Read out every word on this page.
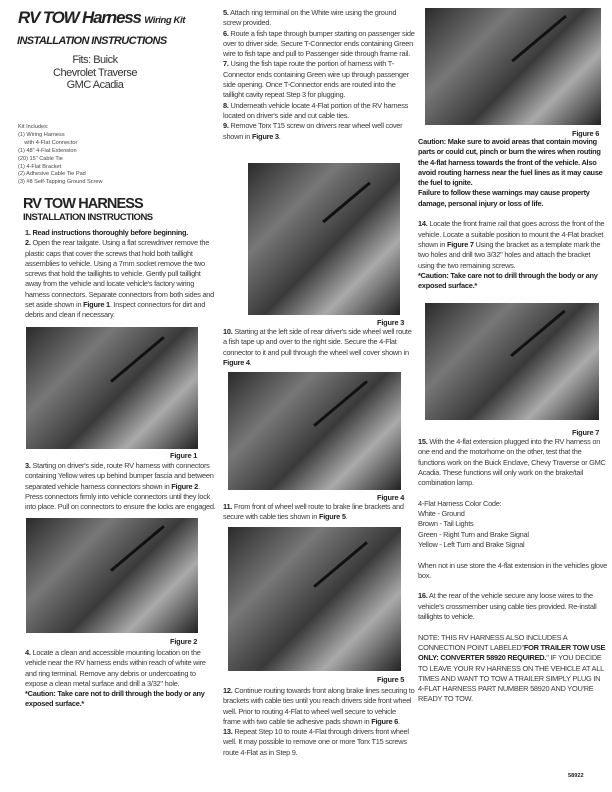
RV TOW Harness Wiring Kit
INSTALLATION INSTRUCTIONS
Fits: Buick
Chevrolet Traverse
GMC Acadia
Kit Includes:
(1) Wiring Harness
with 4-Flat Connector
(1) 48" 4-Flat Extension
(20) 15" Cable Tie
(1) 4-Flat Bracket
(2) Adhesive Cable Tie Pad
(3) #8 Self-Tapping Ground Screw
RV TOW HARNESS
INSTALLATION INSTRUCTIONS

1. Read instructions thoroughly before beginning.

2. Open the rear tailgate. Using a flat screwdriver remove the plastic caps that cover the screws that hold both taillight assemblies to vehicle. Using a 7mm socket remove the two screws that hold the taillights to vehicle. Gently pull taillight away from the vehicle and locate vehicle's factory wiring harness connectors. Separate connectors from both sides and set aside shown in Figure 1. Inspect connectors for dirt and debris and clean if necessary.

Figure 1

3. Starting on driver's side, route RV harness with connectors containing Yellow wires up behind bumper fascia and between separated vehicle harness connectors shown in Figure 2. Press connectors firmly into vehicle connectors until they lock into place. Pull on connectors to ensure the locks are engaged.

Figure 2

4. Locate a clean and accessible mounting location on the vehicle near the RV harness ends within reach of white wire and ring terminal. Remove any debris or undercoating to expose a clean metal surface and drill a 3/32" hole.

*Caution: Take care not to drill through the body or any exposed surface.*

5. Attach ring terminal on the White wire using the ground screw provided.

6. Route a fish tape through bumper starting on passenger side over to driver side. Secure T-Connector ends containing Green wire to fish tape and pull to Passenger side through frame rail.

7. Using the fish tape route the portion of harness with T-Connector ends containing Green wire up through passenger side opening. Once T-Connector ends are routed into the taillight cavity repeat Step 3 for plugging.

8. Underneath vehicle locate 4-Flat portion of the RV harness located on driver's side and cut cable ties.

9. Remove Torx T15 screw on drivers rear wheel well cover shown in Figure 3.

Figure 3

10. Starting at the left side of rear driver's side wheel well route a fish tape up and over to the right side. Secure the 4-Flat connector to it and pull through the wheel well cover shown in Figure 4.

Figure 4

11. From front of wheel well route to brake line brackets and secure with cable ties shown in Figure 5.

Figure 5

12. Continue routing towards front along brake lines securing to brackets with cable ties until you reach drivers side front wheel well. Prior to routing 4-Flat to wheel well secure to vehicle frame with two cable tie adhesive pads shown in Figure 6.

13. Repeat Step 10 to route 4-Flat through drivers front wheel well. It may possible to remove one or more Torx T15 screws route 4-Flat as in Step 9.

Figure 6

Caution: Make sure to avoid areas that contain moving parts or could cut, pinch or burn the wires when routing the 4-flat harness towards the front of the vehicle. Also avoid routing harness near the fuel lines as it may cause the fuel to ignite.

Failure to follow these warnings may cause property damage, personal injury or loss of life.

14. Locate the front frame rail that goes across the front of the vehicle. Locate a suitable position to mount the 4-Flat bracket shown in Figure 7 Using the bracket as a template mark the two holes and drill two 3/32" holes and attach the bracket using the two remaining screws.

*Caution: Take care not to drill through the body or any exposed surface.*

Figure 7

15. With the 4-flat extension plugged into the RV harness on one end and the motorhome on the other, test that the functions work on the Buick Enclave, Chevy Traverse or GMC Acadia. These functions will only work on the brake/tail combination lamp.

4-Flat Harness Color Code:

White - Ground

Brown - Tail Lights

Green - Right Turn and Brake Signal

Yellow - Left Turn and Brake Signal

When not in use store the 4-flat extension in the vehicles glove box.

16. At the rear of the vehicle secure any loose wires to the vehicle's crossmember using cable ties provided. Re-install taillights to vehicle.

NOTE: THIS RV HARNESS ALSO INCLUDES A CONNECTION POINT LABELED"FOR TRAILER TOW USE ONLY: CONVERTER 58920 REQUIRED." IF YOU DECIDE TO LEAVE YOUR RV HARNESS ON THE VEHICLE AT ALL TIMES AND WANT TO TOW A TRAILER SIMPLY PLUG IN 4-FLAT HARNESS PART NUMBER 58920 AND YOU'RE READY TO TOW.

58922
